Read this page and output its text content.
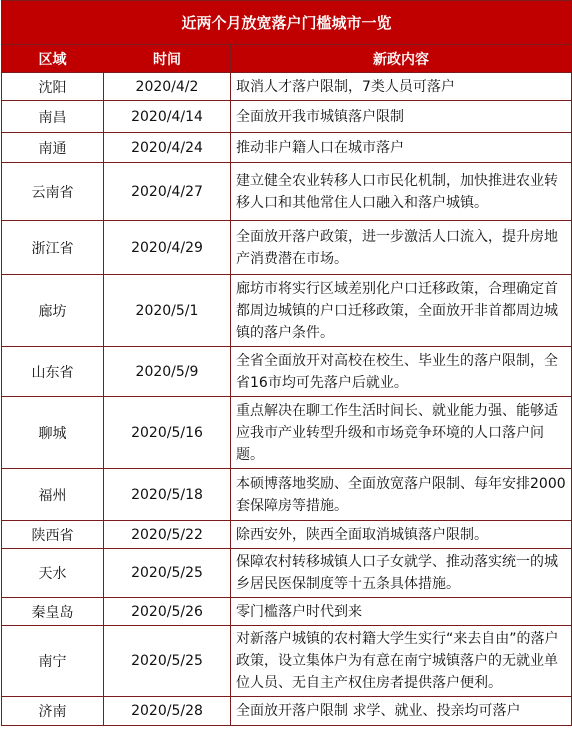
近两个月放宽落户门槛城市一览		
区域	时间	新政内容
沈阳	2020/4/2	取消人才落户限制，7类人员可落户
南昌	2020/4/14	全面放开我市城镇落户限制
南通	2020/4/24	推动非户籍人口在城市落户
云南省	2020/4/27	建立健全农业转移人口市民化机制，加快推进农业转移人口和其他常住人口融入和落户城镇。
浙江省	2020/4/29	全面放开落户政策，进一步激活人口流入，提升房地产消费潜在市场。
廊坊	2020/5/1	廊坊市将实行区域差别化户口迁移政策，合理确定首都周边城镇的户口迁移政策，全面放开非首都周边城镇的落户条件。
山东省	2020/5/9	全省全面放开对高校在校生、毕业生的落户限制，全省16市均可先落户后就业。
聊城	2020/5/16	重点解决在聊工作生活时间长、就业能力强、能够适应我市产业转型升级和市场竞争环境的人口落户问题。
福州	2020/5/18	本硕博落地奖励、全面放宽落户限制、每年安排2000套保障房等措施。
陕西省	2020/5/22	除西安外，陕西全面取消城镇落户限制。
天水	2020/5/25	保障农村转移城镇人口子女就学、推动落实统一的城乡居民医保制度等十五条具体措施。
秦皇岛	2020/5/26	零门槛落户时代到来
南宁	2020/5/25	对新落户城镇的农村籍大学生实行“来去自由”的落户政策，设立集体户为有意在南宁城镇落户的无就业单位人员、无自主产权住房者提供落户便利。
济南	2020/5/28	全面放开落户限制 求学、就业、投亲均可落户
